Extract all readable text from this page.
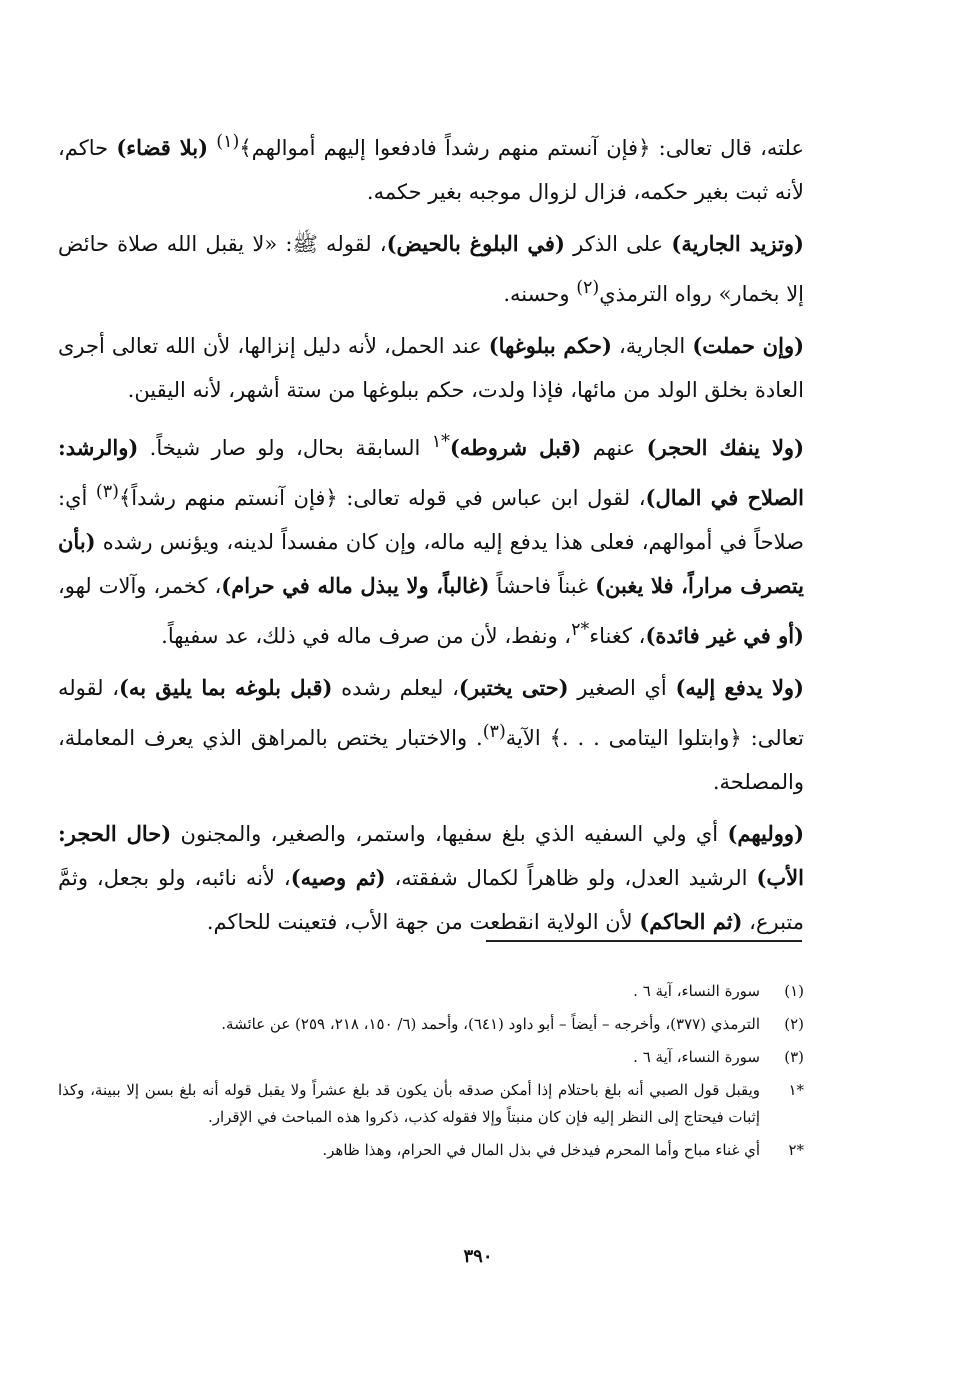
علته، قال تعالى: ﴿فإن آنستم منهم رشداً فادفعوا إليهم أموالهم﴾$^{(١)}$ (بلا قضاء) حاكم، لأنه ثبت بغير حكمه، فزال لزوال موجبه بغير حكمه.

(وتزيد الجارية) على الذكر (في البلوغ بالحيض)، لقوله ﷺ: «لا يقبل الله صلاة حائض إلا بخمار» رواه الترمذي$^{(٢)}$ وحسنه.

(وإن حملت) الجارية، (حكم ببلوغها) عند الحمل، لأنه دليل إنزالها، لأن الله تعالى أجرى العادة بخلق الولد من مائها، فإذا ولدت، حكم ببلوغها من ستة أشهر، لأنه اليقين.

(ولا ينفك الحجر) عنهم (قبل شروطه)$^{*١}$ السابقة بحال، ولو صار شيخاً. (والرشد: الصلاح في المال)، لقول ابن عباس في قوله تعالى: ﴿فإن آنستم منهم رشداً﴾$^{(٣)}$ أي: صلاحاً في أموالهم، فعلى هذا يدفع إليه ماله، وإن كان مفسداً لدينه، ويؤنس رشده (بأن يتصرف مراراً، فلا يغبن) غبناً فاحشاً (غالباً، ولا يبذل ماله في حرام)، كخمر، وآلات لهو، (أو في غير فائدة)، كغناء$^{*٢}$، ونفط، لأن من صرف ماله في ذلك، عد سفيهاً.

(ولا يدفع إليه) أي الصغير (حتى يختبر)، ليعلم رشده (قبل بلوغه بما يليق به)، لقوله تعالى: ﴿وابتلوا اليتامى . . .﴾ الآية$^{(٣)}$. والاختبار يختص بالمراهق الذي يعرف المعاملة، والمصلحة.

(ووليهم) أي ولي السفيه الذي بلغ سفيها، واستمر، والصغير، والمجنون (حال الحجر: الأب) الرشيد العدل، ولو ظاهراً لكمال شفقته، (ثم وصيه)، لأنه نائبه، ولو بجعل، وثمَّ متبرع، (ثم الحاكم) لأن الولاية انقطعت من جهة الأب، فتعينت للحاكم.

(١)
سورة النساء، آية ٦ .
(٢)
الترمذي (٣٧٧)، وأخرجه – أيضاً – أبو داود (٦٤١)، وأحمد (٦/ ١٥٠، ٢١٨، ٢٥٩) عن عائشة.
(٣)
سورة النساء، آية ٦ .
*١
ويقبل قول الصبي أنه بلغ باحتلام إذا أمكن صدقه بأن يكون قد بلغ عشراً ولا يقبل قوله أنه بلغ بسن إلا ببينة، وكذا إثبات فيحتاج إلى النظر إليه فإن كان منبتاً وإلا فقوله كذب، ذكروا هذه المباحث في الإقرار.
*٢
أي غناء مباح وأما المحرم فيدخل في بذل المال في الحرام، وهذا ظاهر.
٣٩٠
